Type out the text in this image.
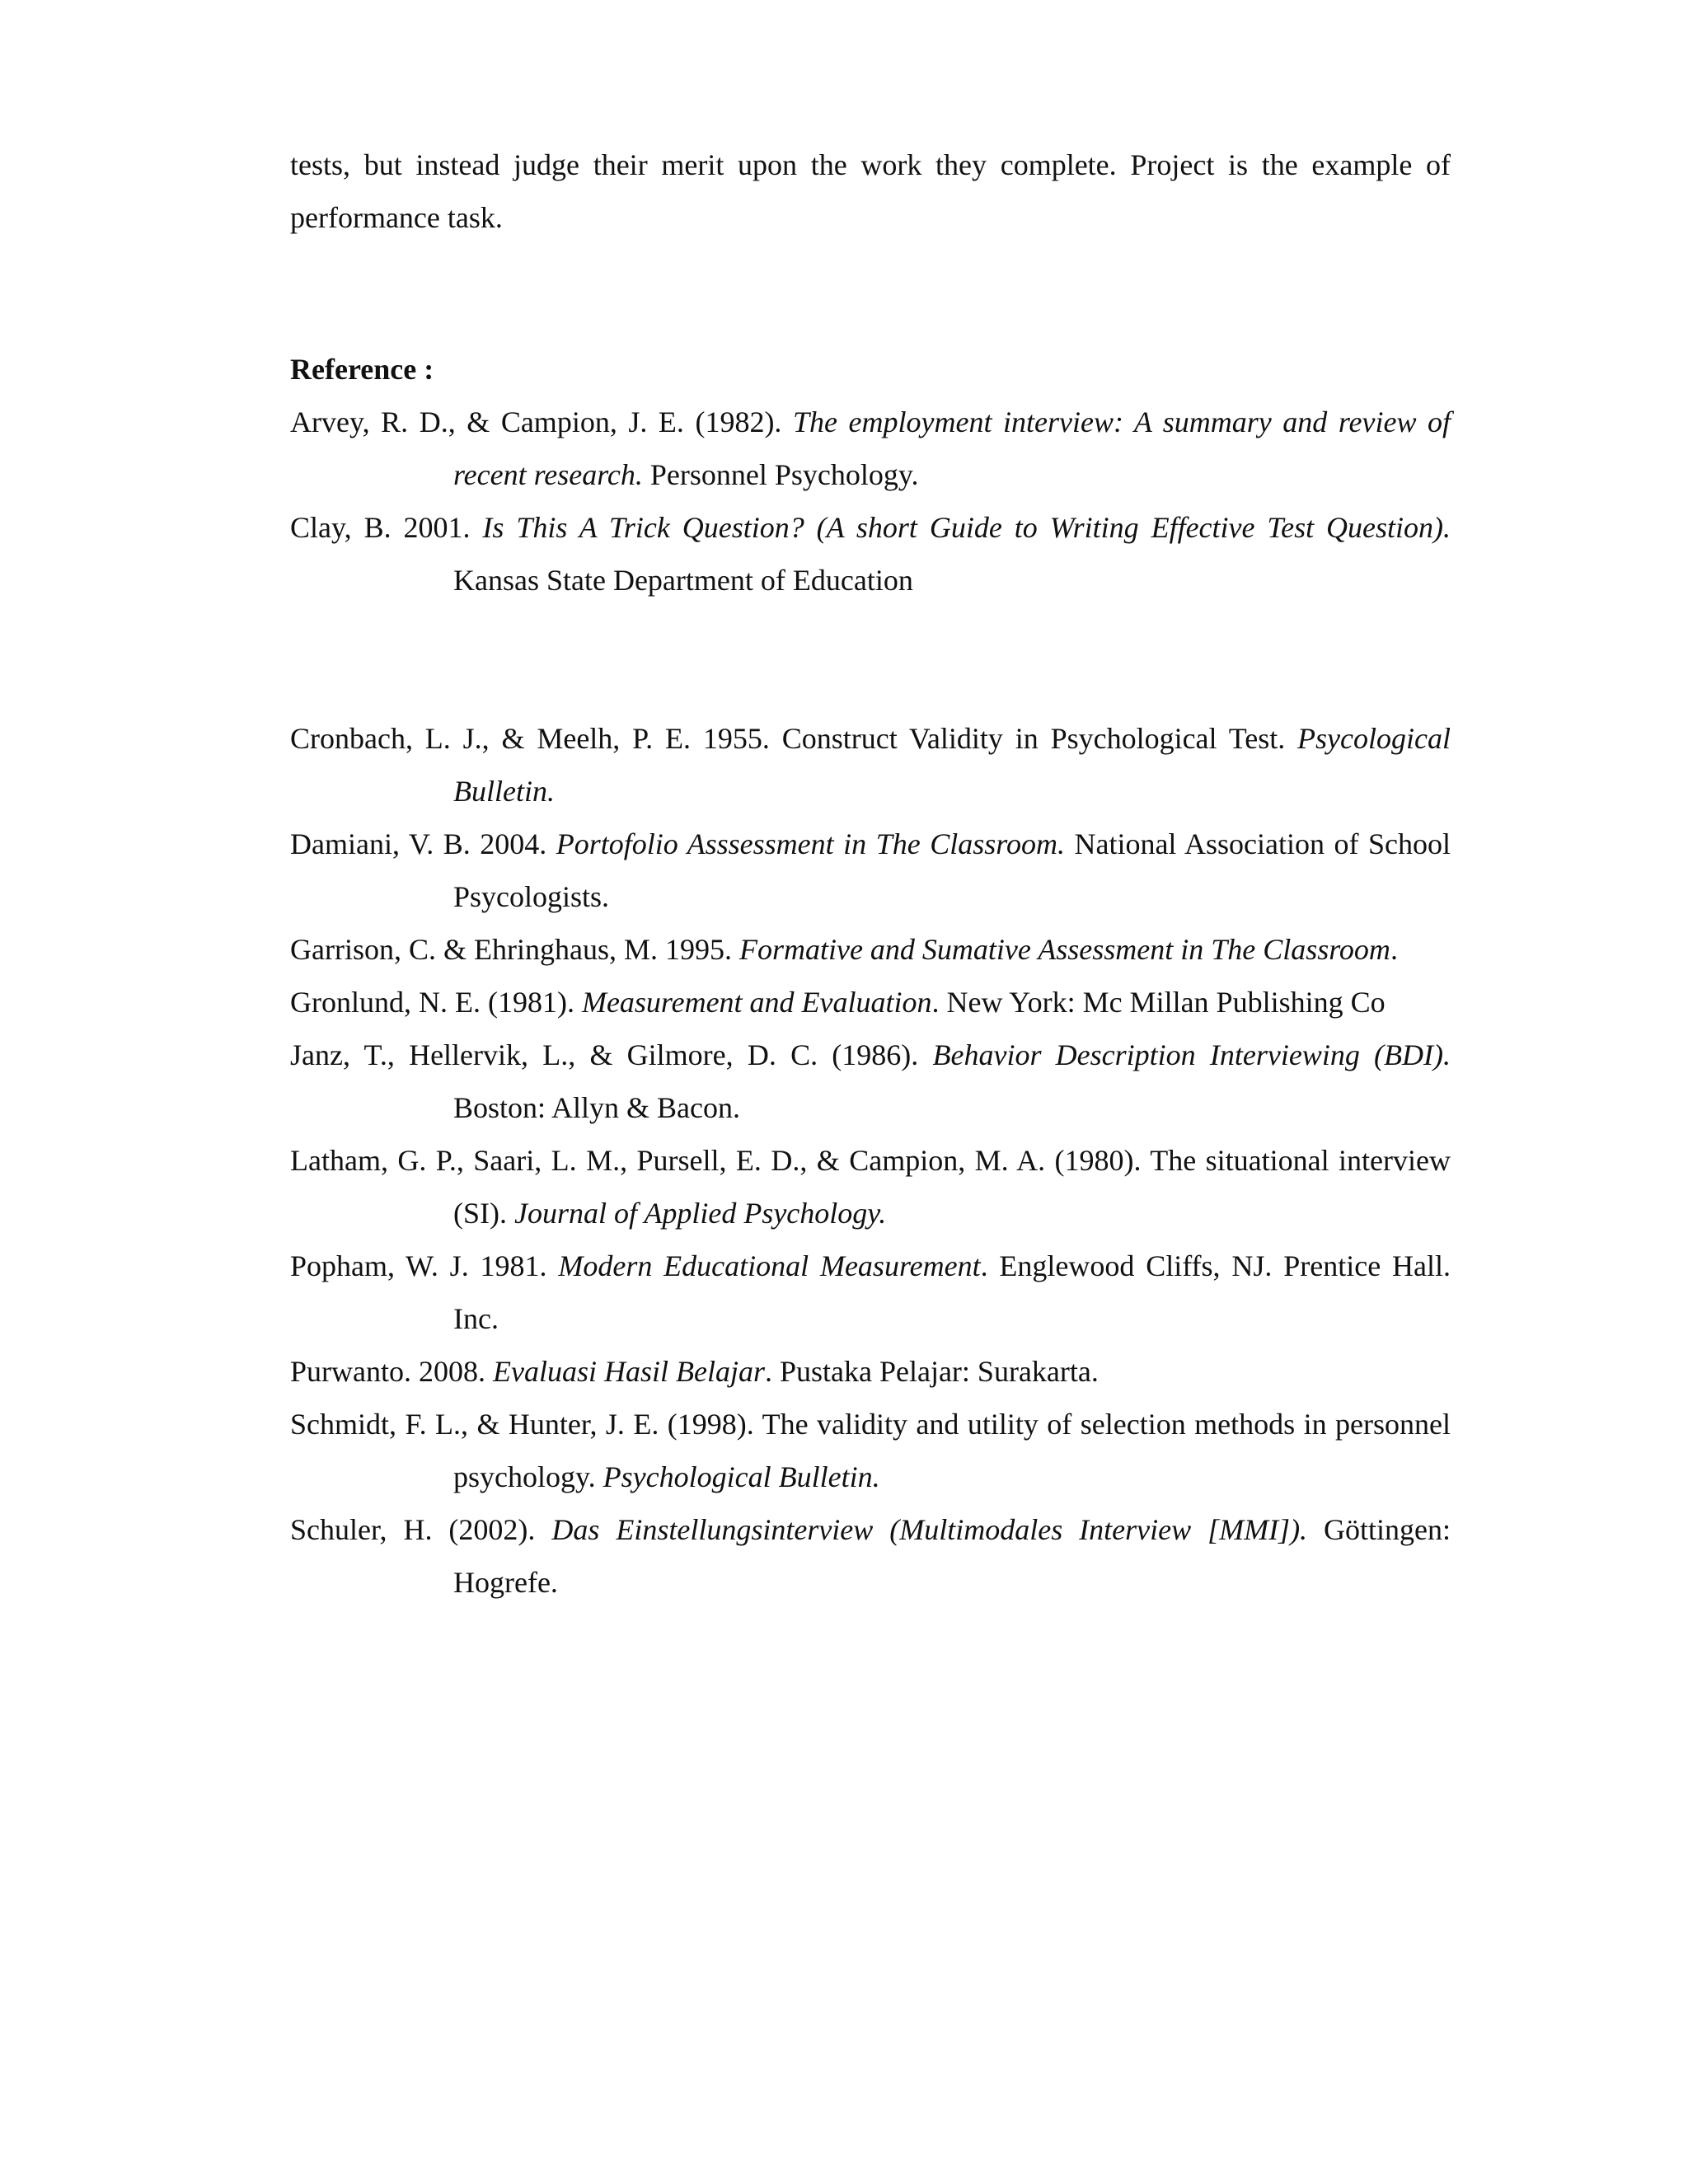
tests, but instead judge their merit upon the work they complete. Project is the example of performance task.

Reference :

Arvey, R. D., & Campion, J. E. (1982). The employment interview: A summary and review of recent research. Personnel Psychology.

Clay, B. 2001. Is This A Trick Question? (A short Guide to Writing Effective Test Question). Kansas State Department of Education

Cronbach, L. J., & Meelh, P. E. 1955. Construct Validity in Psychological Test. Psycological Bulletin.

Damiani, V. B. 2004. Portofolio Asssessment in The Classroom. National Association of School Psycologists.

Garrison, C. & Ehringhaus, M. 1995. Formative and Sumative Assessment in The Classroom.

Gronlund, N. E. (1981). Measurement and Evaluation. New York: Mc Millan Publishing Co

Janz, T., Hellervik, L., & Gilmore, D. C. (1986). Behavior Description Interviewing (BDI). Boston: Allyn & Bacon.

Latham, G. P., Saari, L. M., Pursell, E. D., & Campion, M. A. (1980). The situational interview (SI). Journal of Applied Psychology.

Popham, W. J. 1981. Modern Educational Measurement. Englewood Cliffs, NJ. Prentice Hall. Inc.

Purwanto. 2008. Evaluasi Hasil Belajar. Pustaka Pelajar: Surakarta.

Schmidt, F. L., & Hunter, J. E. (1998). The validity and utility of selection methods in personnel psychology. Psychological Bulletin.

Schuler, H. (2002). Das Einstellungsinterview (Multimodales Interview [MMI]). Göttingen: Hogrefe.
